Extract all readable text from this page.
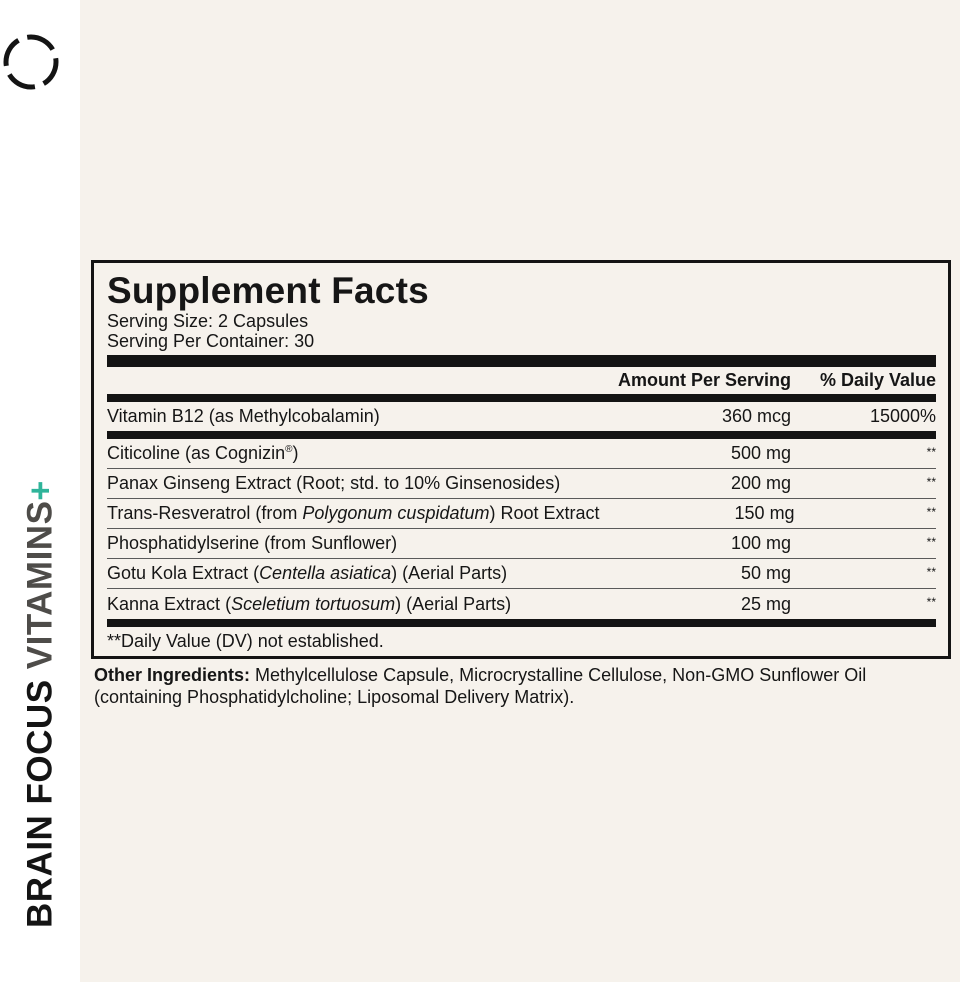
BRAIN FOCUS VITAMINS+
Supplement Facts
Serving Size: 2 Capsules
Serving Per Container: 30
Amount Per Serving	% Daily Value
Vitamin B12 (as Methylcobalamin)	360 mcg	15000%
Citicoline (as Cognizin®)	500 mg	**
Panax Ginseng Extract (Root; std. to 10% Ginsenosides)	200 mg	**
Trans-Resveratrol (from Polygonum cuspidatum) Root Extract	150 mg	**
Phosphatidylserine (from Sunflower)	100 mg	**
Gotu Kola Extract (Centella asiatica) (Aerial Parts)	50 mg	**
Kanna Extract (Sceletium tortuosum) (Aerial Parts)	25 mg	**
**Daily Value (DV) not established.
Other Ingredients: Methylcellulose Capsule, Microcrystalline Cellulose, Non-GMO Sunflower Oil (containing Phosphatidylcholine; Liposomal Delivery Matrix).
